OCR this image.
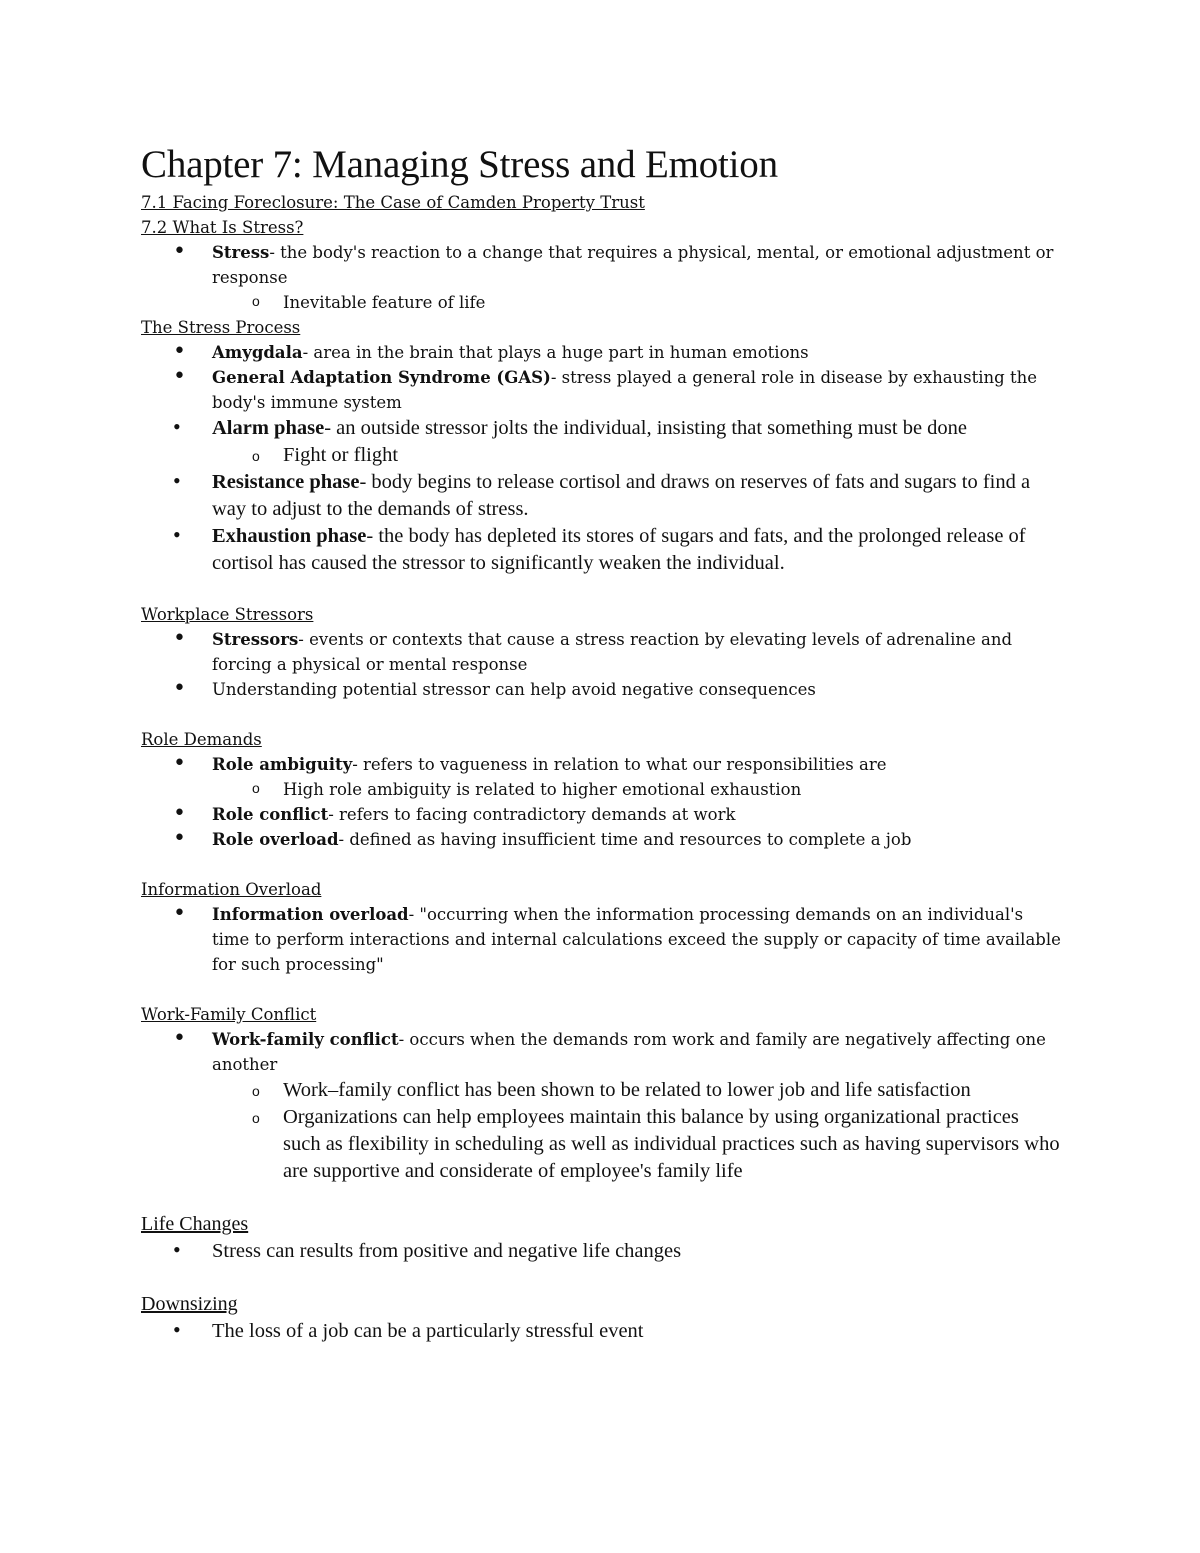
Chapter 7: Managing Stress and Emotion
7.1 Facing Foreclosure: The Case of Camden Property Trust
7.2 What Is Stress?
• Stress- the body's reaction to a change that requires a physical, mental, or emotional adjustment or response
o Inevitable feature of life
The Stress Process
• Amygdala- area in the brain that plays a huge part in human emotions
• General Adaptation Syndrome (GAS)- stress played a general role in disease by exhausting the body's immune system
• Alarm phase- an outside stressor jolts the individual, insisting that something must be done
o Fight or flight
• Resistance phase- body begins to release cortisol and draws on reserves of fats and sugars to find a way to adjust to the demands of stress.
• Exhaustion phase- the body has depleted its stores of sugars and fats, and the prolonged release of cortisol has caused the stressor to significantly weaken the individual.
Workplace Stressors
• Stressors- events or contexts that cause a stress reaction by elevating levels of adrenaline and forcing a physical or mental response
• Understanding potential stressor can help avoid negative consequences
Role Demands
• Role ambiguity- refers to vagueness in relation to what our responsibilities are
o High role ambiguity is related to higher emotional exhaustion
• Role conflict- refers to facing contradictory demands at work
• Role overload- defined as having insufficient time and resources to complete a job
Information Overload
• Information overload- "occurring when the information processing demands on an individual's time to perform interactions and internal calculations exceed the supply or capacity of time available for such processing"
Work-Family Conflict
• Work-family conflict- occurs when the demands rom work and family are negatively affecting one another
o Work–family conflict has been shown to be related to lower job and life satisfaction
o Organizations can help employees maintain this balance by using organizational practices such as flexibility in scheduling as well as individual practices such as having supervisors who are supportive and considerate of employee's family life
Life Changes
• Stress can results from positive and negative life changes
Downsizing
• The loss of a job can be a particularly stressful event
